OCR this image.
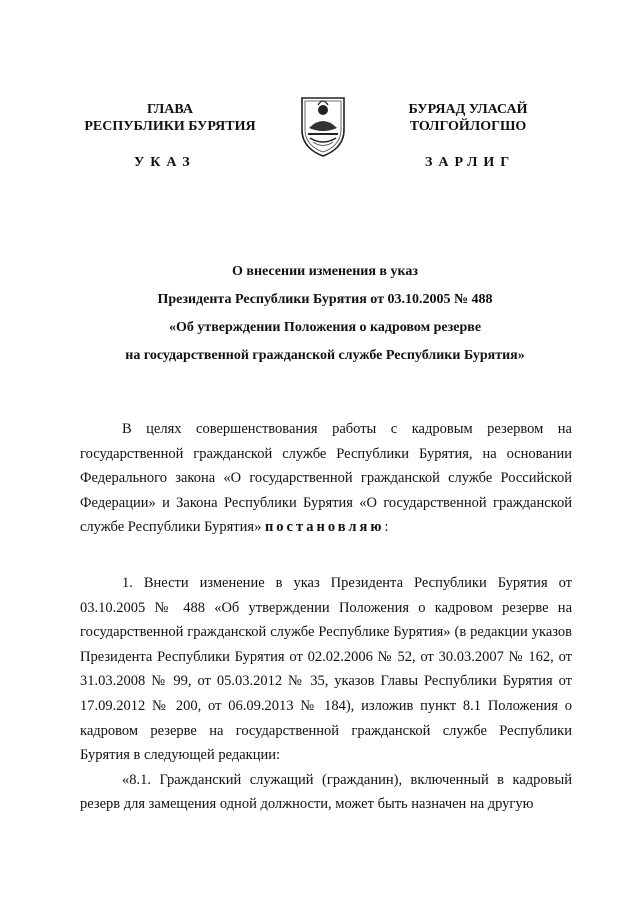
ГЛАВА
РЕСПУБЛИКИ БУРЯТИЯ
УКАЗ
БУРЯАД УЛАСАЙ
ТОЛГОЙЛОГШО
ЗАРЛИГ
О внесении изменения в указ
Президента Республики Бурятия от 03.10.2005 № 488
«Об утверждении Положения о кадровом резерве
на государственной гражданской службе Республики Бурятия»

В целях совершенствования работы с кадровым резервом на государственной гражданской службе Республики Бурятия, на основании Федерального закона «О государственной гражданской службе Российской Федерации» и Закона Республики Бурятия «О государственной гражданской службе Республики Бурятия» постановляю:

1. Внести изменение в указ Президента Республики Бурятия от 03.10.2005 № 488 «Об утверждении Положения о кадровом резерве на государственной гражданской службе Республике Бурятия» (в редакции указов Президента Республики Бурятия от 02.02.2006 № 52, от 30.03.2007 № 162, от 31.03.2008 № 99, от 05.03.2012 № 35, указов Главы Республики Бурятия от 17.09.2012 № 200, от 06.09.2013 № 184), изложив пункт 8.1 Положения о кадровом резерве на государственной гражданской службе Республики Бурятия в следующей редакции:

«8.1. Гражданский служащий (гражданин), включенный в кадровый резерв для замещения одной должности, может быть назначен на другую
